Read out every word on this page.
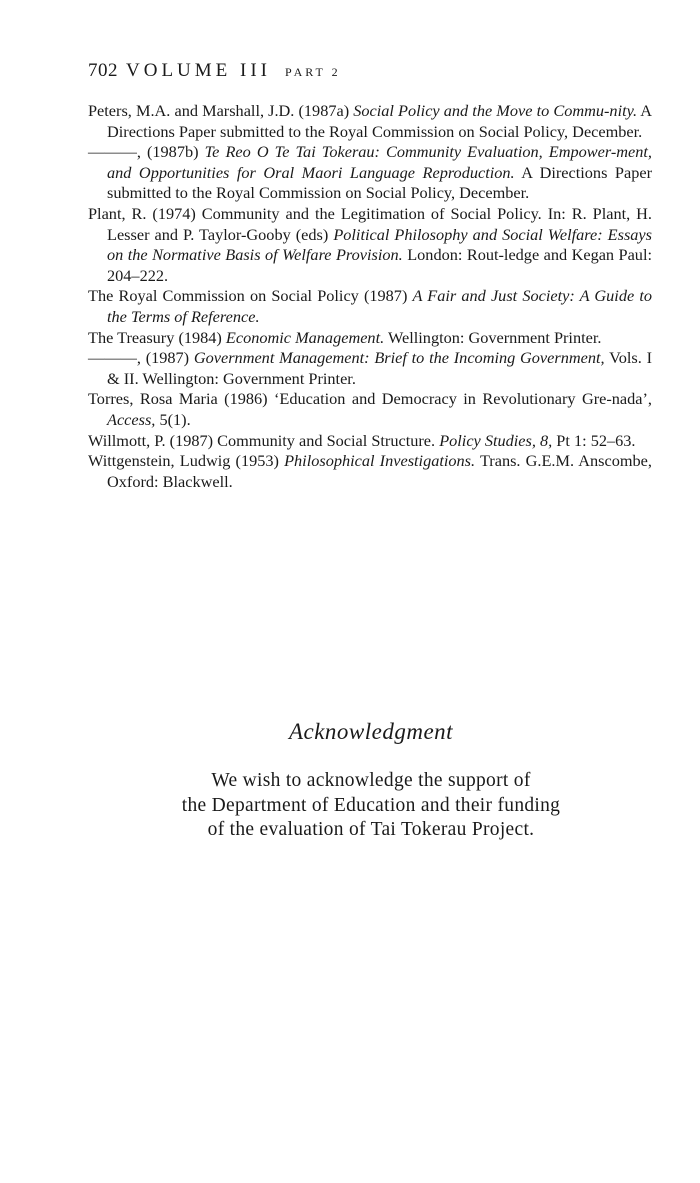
702 VOLUME III PART 2

Peters, M.A. and Marshall, J.D. (1987a) Social Policy and the Move to Commu-nity. A Directions Paper submitted to the Royal Commission on Social Policy, December.

———, (1987b) Te Reo O Te Tai Tokerau: Community Evaluation, Empower-ment, and Opportunities for Oral Maori Language Reproduction. A Directions Paper submitted to the Royal Commission on Social Policy, December.

Plant, R. (1974) Community and the Legitimation of Social Policy. In: R. Plant, H. Lesser and P. Taylor-Gooby (eds) Political Philosophy and Social Welfare: Essays on the Normative Basis of Welfare Provision. London: Rout-ledge and Kegan Paul: 204–222.

The Royal Commission on Social Policy (1987) A Fair and Just Society: A Guide to the Terms of Reference.

The Treasury (1984) Economic Management. Wellington: Government Printer.

———, (1987) Government Management: Brief to the Incoming Government, Vols. I & II. Wellington: Government Printer.

Torres, Rosa Maria (1986) ‘Education and Democracy in Revolutionary Gre-nada’, Access, 5(1).

Willmott, P. (1987) Community and Social Structure. Policy Studies, 8, Pt 1: 52–63.

Wittgenstein, Ludwig (1953) Philosophical Investigations. Trans. G.E.M. Anscombe, Oxford: Blackwell.

Acknowledgment
We wish to acknowledge the support of
the Department of Education and their funding
of the evaluation of Tai Tokerau Project.
